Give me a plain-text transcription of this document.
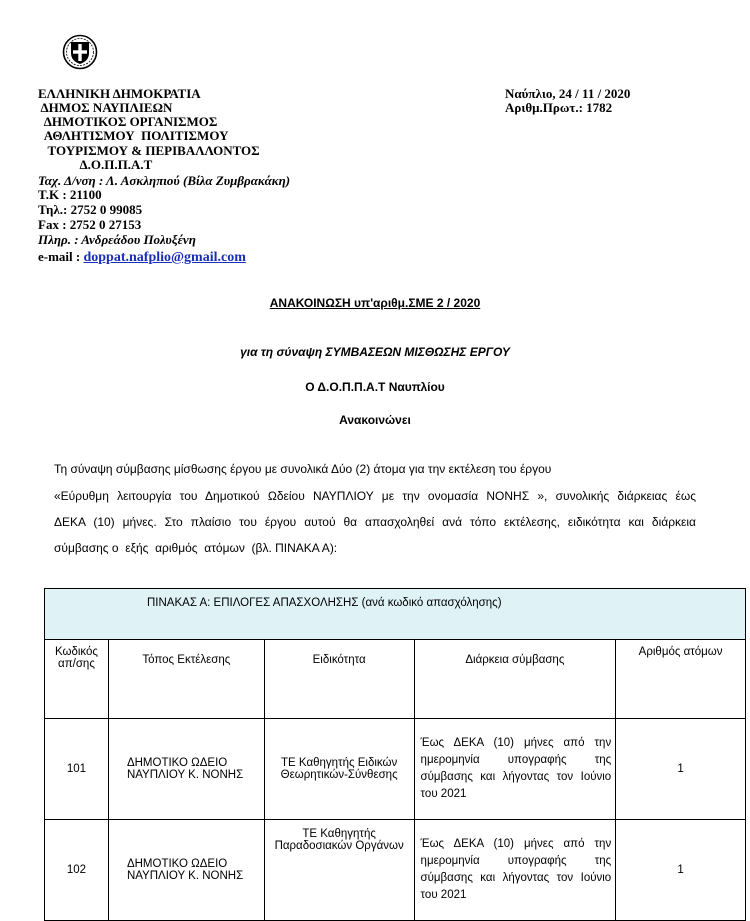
ΕΛΛΗΝΙΚΗ ΔΗΜΟΚΡΑΤΙΑ
ΔΗΜΟΣ ΝΑΥΠΛΙΕΩΝ
ΔΗΜΟΤΙΚΟΣ ΟΡΓΑΝΙΣΜΟΣ
ΑΘΛΗΤΙΣΜΟΥ  ΠΟΛΙΤΙΣΜΟΥ
ΤΟΥΡΙΣΜΟΥ & ΠΕΡΙΒΑΛΛΟΝΤΟΣ
Δ.Ο.Π.Π.Α.Τ
Ταχ. Δ/νση : Λ. Ασκληπιού (Βίλα Ζυμβρακάκη)
Τ.Κ : 21100
Τηλ.: 2752 0 99085
Fax : 2752 0 27153
Πληρ. : Ανδρεάδου Πολυξένη
e-mail : doppat.nafplio@gmail.com
Ναύπλιο, 24 / 11 / 2020
Αριθμ.Πρωτ.: 1782
ΑΝΑΚΟΙΝΩΣΗ υπ'αριθμ.ΣΜΕ 2 / 2020
για τη σύναψη ΣΥΜΒΑΣΕΩΝ ΜΙΣΘΩΣΗΣ ΕΡΓΟΥ
Ο Δ.Ο.Π.Π.Α.Τ Ναυπλίου
Ανακοινώνει
Τη σύναψη σύμβασης μίσθωσης έργου με συνολικά Δύο (2) άτομα για την εκτέλεση του έργου
«Εύρυθμη λειτουργία του Δημοτικού Ωδείου ΝΑΥΠΛΙΟΥ με την ονομασία ΝΟΝΗΣ », συνολικής διάρκειας έως
ΔΕΚΑ (10) μήνες. Στο πλαίσιο του έργου αυτού θα απασχοληθεί ανά τόπο εκτέλεσης, ειδικότητα και διάρκεια
σύμβασης ο  εξής  αριθμός  ατόμων  (βλ. ΠΙΝΑΚΑ Α):
ΠΙΝΑΚΑΣ Α: ΕΠΙΛΟΓΕΣ ΑΠΑΣΧΟΛΗΣΗΣ (ανά κωδικό απασχόλησης)				
Κωδικός απ/σης	Τόπος Εκτέλεσης	Ειδικότητα	Διάρκεια σύμβασης	Αριθμός ατόμων
101	ΔΗΜΟΤΙΚΟ ΩΔΕΙΟ ΝΑΥΠΛΙΟΥ Κ. ΝΟΝΗΣ	ΤΕ Καθηγητής Ειδικών Θεωρητικών-Σύνθεσης	Έως ΔΕΚΑ (10) μήνες από την ημερομηνία υπογραφής της σύμβασης και λήγοντας τον Ιούνιο του 2021	1
102	ΔΗΜΟΤΙΚΟ ΩΔΕΙΟ ΝΑΥΠΛΙΟΥ Κ. ΝΟΝΗΣ	ΤΕ Καθηγητής Παραδοσιακών Οργάνων	Έως ΔΕΚΑ (10) μήνες από την ημερομηνία υπογραφής της σύμβασης και λήγοντας τον Ιούνιο του 2021	1
